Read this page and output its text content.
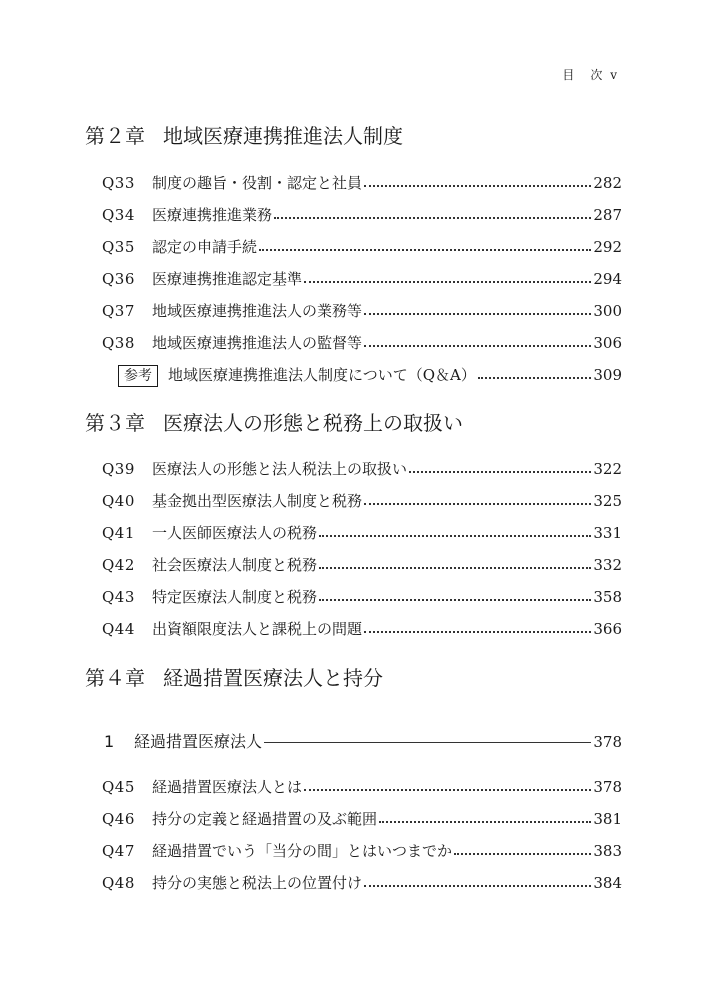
目 次 v
第２章 地域医療連携推進法人制度
Q33	制度の趣旨・役割・認定と社員	282
Q34	医療連携推進業務	287
Q35	認定の申請手続	292
Q36	医療連携推進認定基準	294
Q37	地域医療連携推進法人の業務等	300
Q38	地域医療連携推進法人の監督等	306
参考	地域医療連携推進法人制度について（Q＆A）	309
第３章 医療法人の形態と税務上の取扱い
Q39	医療法人の形態と法人税法上の取扱い	322
Q40	基金拠出型医療法人制度と税務	325
Q41	一人医師医療法人の税務	331
Q42	社会医療法人制度と税務	332
Q43	特定医療法人制度と税務	358
Q44	出資額限度法人と課税上の問題	366
第４章 経過措置医療法人と持分
1	経過措置医療法人	378
Q45	経過措置医療法人とは	378
Q46	持分の定義と経過措置の及ぶ範囲	381
Q47	経過措置でいう「当分の間」とはいつまでか	383
Q48	持分の実態と税法上の位置付け	384
